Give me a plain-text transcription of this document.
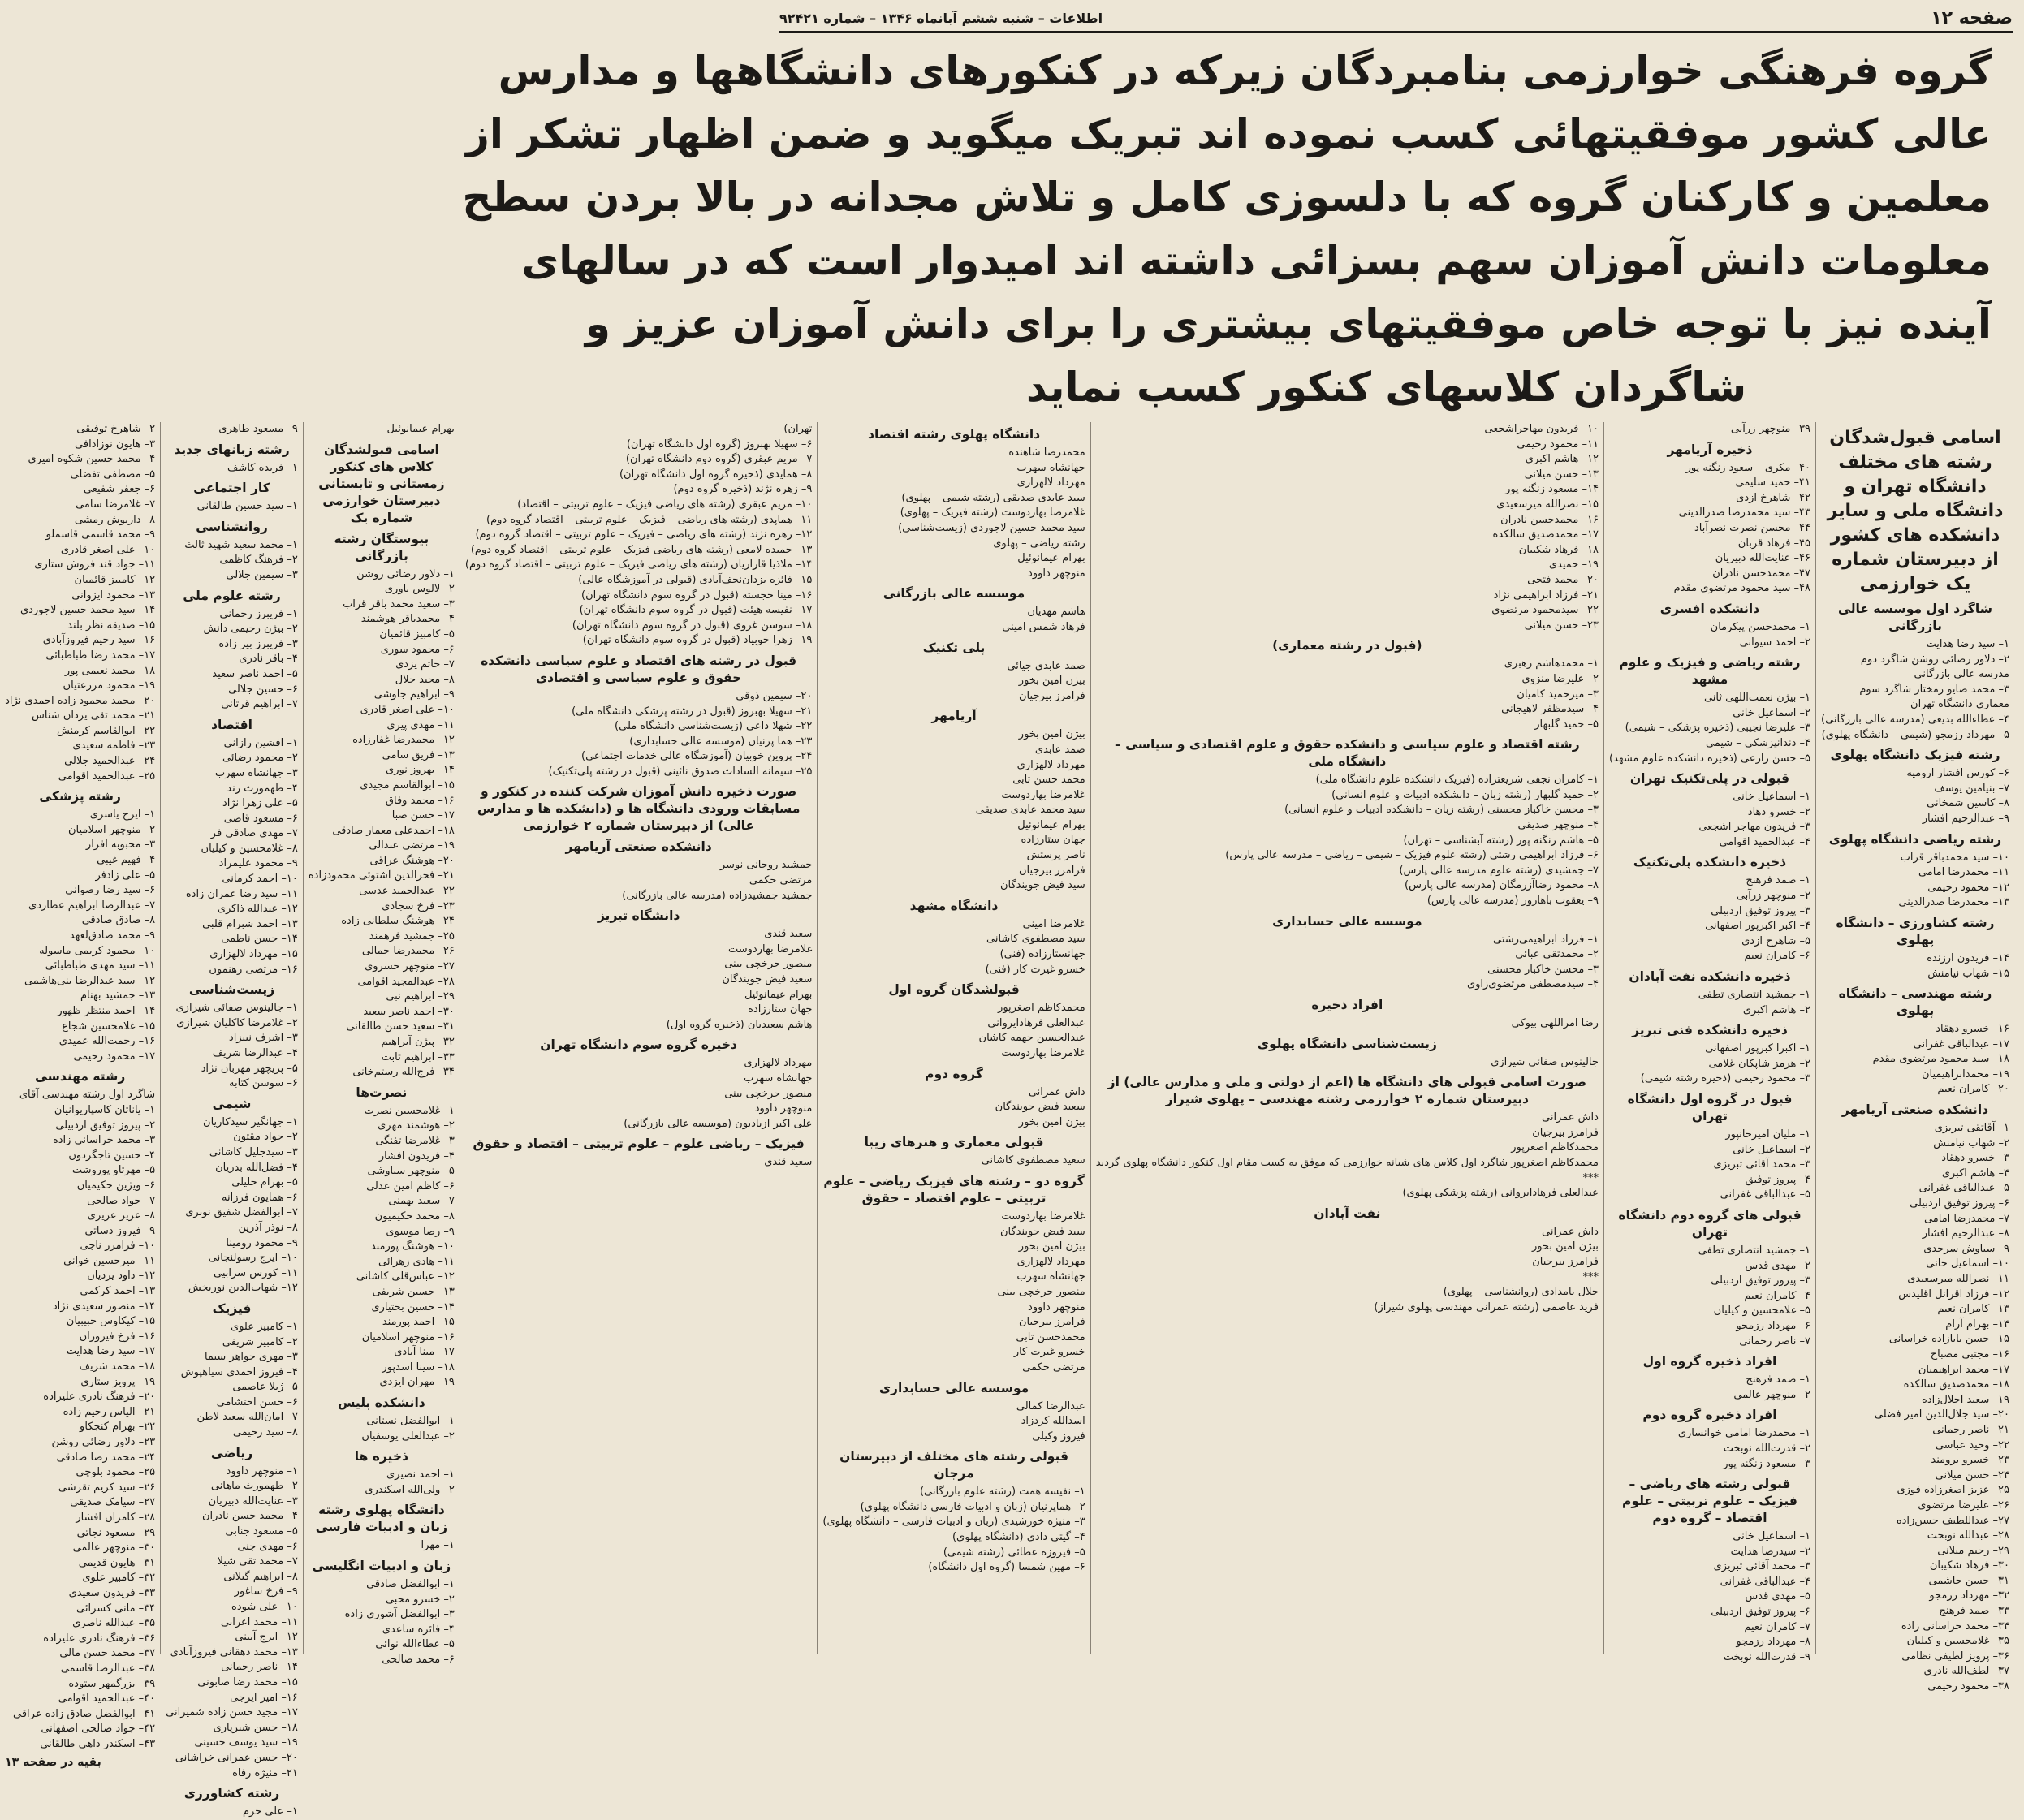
صفحه ۱۲
اطلاعات – شنبه ششم آبانماه ۱۳۴۶ – شماره ۹۲۴۲۱
گروه فرهنگی خوارزمی بنامبردگان زیرکه در کنکورهای دانشگاهها و مدارس
عالی کشور موفقیتهائی کسب نموده اند تبریک میگوید و ضمن اظهار تشکر از
معلمین و کارکنان گروه که با دلسوزی کامل و تلاش مجدانه در بالا بردن سطح
معلومات دانش آموزان سهم بسزائی داشته اند امیدوار است که در سالهای
آینده نیز با توجه خاص موفقیتهای بیشتری را برای دانش آموزان عزیز و
شاگردان کلاسهای کنکور کسب نماید
اسامی قبول‌شدگان رشته های مختلف دانشگاه تهران و دانشگاه ملی و سایر دانشکده های کشور از دبیرستان شماره یک خوارزمی
شاگرد اول موسسه عالی بازرگانی
۱– سید رضا هدایت
۲– دلاور رضائی روشن شاگرد دوم
مدرسه عالی بازرگانی
۳– محمد ضایو رمختار شاگرد سوم
معماری دانشگاه تهران
۴– عطاءالله بدیعی (مدرسه عالی بازرگانی)
۵– مهرداد رزمجو (شیمی – دانشگاه پهلوی)
رشته فیزیک دانشگاه پهلوی
۶– کورس افشار ارومیه
۷– بنیامین یوسف
۸– کاسین شمخانی
۹– عبدالرحیم افشار
رشته ریاضی دانشگاه پهلوی
۱۰– سید محمدباقر قراب
۱۱– محمدرضا امامی
۱۲– محمود رحیمی
۱۳– محمدرضا صدرالدینی
رشته کشاورزی – دانشگاه پهلوی
۱۴– فریدون ارزنده
۱۵– شهاب نیامنش
رشته مهندسی – دانشگاه پهلوی
۱۶– خسرو دهقاد
۱۷– عبدالباقی غفرانی
۱۸– سید محمود مرتضوی مقدم
۱۹– محمدابراهیمیان
۲۰– کامران نعیم
دانشکده صنعتی آریامهر
۱– آقاتقی تبریزی
۲– شهاب نیامنش
۳– خسرو دهقاد
۴– هاشم اکبری
۵– عبدالباقی غفرانی
۶– پیروز توفیق اردبیلی
۷– محمدرضا امامی
۸– عبدالرحیم افشار
۹– سیاوش سرحدی
۱۰– اسماعیل خانی
۱۱– نصرالله میرسعیدی
۱۲– فرزاد اقرانل اقلیدس
۱۳– کامران نعیم
۱۴– بهرام آرام
۱۵– حسن بابازاده خراسانی
۱۶– مجتبی مصباح
۱۷– محمد ابراهیمیان
۱۸– محمدصدیق سالکده
۱۹– سعید اجلال‌زاده
۲۰– سید جلال‌الدین امیر فضلی
۲۱– ناصر رحمانی
۲۲– وحید عباسی
۲۳– خسرو برومند
۲۴– حسن میلانی
۲۵– عزیز اصغرزاده فوزی
۲۶– علیرضا مرتضوی
۲۷– عبداللطیف حسن‌زاده
۲۸– عبدالله نوبخت
۲۹– رحیم میلانی
۳۰– فرهاد شکیبان
۳۱– حسن حاشمی
۳۲– مهرداد رزمجو
۳۳– صمد فرهنج
۳۴– محمد خراسانی زاده
۳۵– غلامحسین و کیلیان
۳۶– پرویز لطیفی نظامی
۳۷– لطف‌الله نادری
۳۸– محمود رحیمی
۳۹– منوچهر زرآبی
ذخیره آریامهر
۴۰– مکری – سعود زنگنه پور
۴۱– حمید سلیمی
۴۲– شاهرخ ازدی
۴۳– سید محمدرضا صدرالدینی
۴۴– محسن نصرت نصرآباد
۴۵– فرهاد قربان
۴۶– عنایت‌الله دبیریان
۴۷– محمدحسن نادران
۴۸– سید محمود مرتضوی مقدم
دانشکده افسری
۱– محمدحسن پیکرمان
۲– احمد سیوانی
رشته ریاضی و فیزیک و علوم مشهد
۱– بیژن نعمت‌اللهی ثانی
۲– اسماعیل خانی
۳– علیرضا نجیبی (ذخیره پزشکی – شیمی)
۴– دندانپزشکی – شیمی
۵– حسن زارعی (ذخیره دانشکده علوم مشهد)
قبولی در پلی‌تکنیک تهران
۱– اسماعیل خانی
۲– خسرو دهاد
۳– فریدون مهاجر اشجعی
۴– عبدالحمید اقوامی
ذخیره دانشکده پلی‌تکنیک
۱– صمد فرهنج
۲– منوچهر زرآبی
۳– پیروز توفیق اردبیلی
۴– اکبر اکبرپور اصفهانی
۵– شاهرخ ازدی
۶– کامران نعیم
ذخیره دانشکده نفت آبادان
۱– جمشید انتصاری تطفی
۲– هاشم اکبری
ذخیره دانشکده فنی تبریز
۱– اکبرا کبرپور اصفهانی
۲– هرمز شاپکان غلامی
۳– محمود رحیمی (ذخیره رشته شیمی)
قبول در گروه اول دانشگاه تهران
۱– ملیان امیرخانپور
۲– اسماعیل خانی
۳– محمد آقائی تبریزی
۴– پیروز توفیق
۵– عبدالباقی غفرانی
قبولی های گروه دوم دانشگاه تهران
۱– جمشید انتصاری تطفی
۲– مهدی قدس
۳– پیروز توفیق اردبیلی
۴– کامران نعیم
۵– غلامحسین و کیلیان
۶– مهرداد رزمجو
۷– ناصر رحمانی
افراد ذخیره گروه اول
۱– صمد فرهنج
۲– منوچهر عالمی
افراد ذخیره گروه دوم
۱– محمدرضا امامی خوانساری
۲– قدرت‌الله نوبخت
۳– مسعود زنگنه پور
قبولی رشته های ریاضی – فیزیک – علوم تربیتی – علوم اقتصاد – گروه دوم
۱– اسماعیل خانی
۲– سیدرضا هدایت
۳– محمد آقائی تبریزی
۴– عبدالباقی غفرانی
۵– مهدی قدس
۶– پیروز توفیق اردبیلی
۷– کامران نعیم
۸– مهرداد رزمجو
۹– قدرت‌الله نوبخت
۱۰– فریدون مهاجراشجعی
۱۱– محمود رحیمی
۱۲– هاشم اکبری
۱۳– حسن میلانی
۱۴– مسعود زنگنه پور
۱۵– نصرالله میرسعیدی
۱۶– محمدحسن نادران
۱۷– محمدصدیق سالکده
۱۸– فرهاد شکیبان
۱۹– حمیدی
۲۰– محمد فتحی
۲۱– فرزاد ابراهیمی نژاد
۲۲– سیدمحمود مرتضوی
۲۳– حسن میلانی
(قبول در رشته معماری)
۱– محمدهاشم رهبری
۲– علیرضا منزوی
۳– میرحمید کامیان
۴– سیدمظفر لاهیجانی
۵– حمید گلبهار
رشته اقتصاد و علوم سیاسی و دانشکده حقوق و علوم اقتصادی و سیاسی – دانشگاه ملی
۱– کامران نجفی شریعتزاده (فیزیک دانشکده علوم دانشگاه ملی)
۲– حمید گلبهار (رشته زبان – دانشکده ادبیات و علوم انسانی)
۳– محسن خاکباز محسنی (رشته زبان – دانشکده ادبیات و علوم انسانی)
۴– منوچهر صدیقی
۵– هاشم زنگنه پور (رشته آبشناسی – تهران)
۶– فرزاد ابراهیمی رشتی (رشته علوم فیزیک – شیمی – ریاضی – مدرسه عالی پارس)
۷– جمشیدی (رشته علوم مدرسه عالی پارس)
۸– محمود رضاآزرمگان (مدرسه عالی پارس)
۹– یعقوب باهارور (مدرسه عالی پارس)
موسسه عالی حسابداری
۱– فرزاد ابراهیمی‌رشتی
۲– محمدتقی عبائی
۳– محسن خاکباز محسنی
۴– سیدمصطفی مرتضوی‌زاوی
افراد ذخیره
رضا امراللهی بیوکی
زیست‌شناسی دانشگاه پهلوی
جالینوس صفائی شیرازی
صورت اسامی قبولی های دانشگاه ها (اعم از دولتی و ملی و مدارس عالی) از دبیرستان شماره ۲ خوارزمی رشته مهندسی – پهلوی شیراز
داش عمرانی
فرامرز بیرجیان
محمدکاظم اصغرپور
محمدکاظم اصغرپور شاگرد اول کلاس های شبانه خوارزمی که موفق به کسب مقام اول کنکور دانشگاه پهلوی گردید
***
عبدالعلی فرهادایروانی (رشته پزشکی پهلوی)
نفت آبادان
داش عمرانی
بیژن امین بخور
فرامرز بیرجیان
***
جلال بامدادی (روانشناسی – پهلوی)
فرید عاصمی (رشته عمرانی مهندسی پهلوی شیراز)
دانشگاه پهلوی رشته اقتصاد
محمدرضا شاهنده
جهانشاه سهرب
مهرداد لالهزاری
سید عابدی صدیقی (رشته شیمی – پهلوی)
غلامرضا بهاردوست (رشته فیزیک – پهلوی)
سید محمد حسین لاجوردی (زیست‌شناسی)
رشته ریاضی – پهلوی
بهرام عیمانوئیل
منوچهر داوود
موسسه عالی بازرگانی
هاشم مهدیان
فرهاد شمس امینی
پلی تکنیک
صمد عابدی جیائی
بیژن امین بخور
فرامرز بیرجیان
آریامهر
بیژن امین بخور
صمد عابدی
مهرداد لالهزاری
محمد حسن تابی
غلامرضا بهاردوست
سید محمد عابدی صدیقی
بهرام عیمانوئیل
جهان ستارزاده
ناصر پرستش
فرامرز بیرجیان
سید فیض جویندگان
دانشگاه مشهد
غلامرضا امینی
سید مصطفوی کاشانی
جهانستارزاده (فنی)
خسرو غیرت کار (فنی)
قبولشدگان گروه اول
محمدکاظم اصغرپور
عبدالعلی فرهادایروانی
عبدالحسین جهمه کاشان
غلامرضا بهاردوست
گروه دوم
داش عمرانی
سعید فیض جویندگان
بیژن امین بخور
قبولی معماری و هنرهای زیبا
سعید مصطفوی کاشانی
گروه دو – رشته های فیزیک ریاضی – علوم تربیتی – علوم اقتصاد – حقوق
غلامرضا بهاردوست
سید فیض جویندگان
بیژن امین بخور
مهرداد لالهزاری
جهانشاه سهرب
منصور جرخچی بینی
منوچهر داوود
فرامرز بیرجیان
محمدحسن تابی
خسرو غیرت کار
مرتضی حکمی
موسسه عالی حسابداری
عبدالرضا کمالی
اسدالله کردزاد
فیروز وکیلی
قبولی رشته های مختلف از دبیرستان مرجان
۱– نفیسه همت (رشته علوم بازرگانی)
۲– هماپرنیان (زبان و ادبیات فارسی دانشگاه پهلوی)
۳– منیژه خورشیدی (زبان و ادبیات فارسی – دانشگاه پهلوی)
۴– گیتی دادی (دانشگاه پهلوی)
۵– فیروزه عطائی (رشته شیمی)
۶– مهین شمسا (گروه اول دانشگاه)
تهران)
۶– سهیلا بهبروز (گروه اول دانشگاه تهران)
۷– مریم عبقری (گروه دوم دانشگاه تهران)
۸– همایدی (ذخیره گروه اول دانشگاه تهران)
۹– زهره نژند (ذخیره گروه دوم)
۱۰– مریم عبقری (رشته های ریاضی فیزیک – علوم تربیتی – اقتصاد)
۱۱– هماپدی (رشته های ریاضی – فیزیک – علوم تربیتی – اقتصاد گروه دوم)
۱۲– زهره نژند (رشته های ریاضی – فیزیک – علوم تربیتی – اقتصاد گروه دوم)
۱۳– حمیده لامعی (رشته های ریاضی فیزیک – علوم تربیتی – اقتصاد گروه دوم)
۱۴– ملاذیا قازاریان (رشته های ریاضی فیزیک – علوم تربیتی – اقتصاد گروه دوم)
۱۵– فائزه یزدان‌نجف‌آبادی (قبولی در آموزشگاه عالی)
۱۶– مینا خجسته (قبول در گروه سوم دانشگاه تهران)
۱۷– نفیسه هیئت (قبول در گروه سوم دانشگاه تهران)
۱۸– سوسن غروی (قبول در گروه سوم دانشگاه تهران)
۱۹– زهرا خوبیاد (قبول در گروه سوم دانشگاه تهران)
قبول در رشته های اقتصاد و علوم سیاسی دانشکده حقوق و علوم سیاسی و اقتصادی
۲۰– سیمین ذوقی
۲۱– سهیلا بهبروز (قبول در رشته پزشکی دانشگاه ملی)
۲۲– شهلا داعی (زیست‌شناسی دانشگاه ملی)
۲۳– هما پرنیان (موسسه عالی حسابداری)
۲۴– پروین خوبیان (آموزشگاه عالی خدمات اجتماعی)
۲۵– سیمانه الساداث صدوق نائینی (قبول در رشته پلی‌تکنیک)
صورت ذخیره دانش آموزان شرکت کننده در کنکور و مسابقات ورودی دانشگاه ها و (دانشکده ها و مدارس عالی) از دبیرستان شماره ۲ خوارزمی
دانشکده صنعتی آریامهر
جمشید روحانی نوسر
مرتضی حکمی
جمشید جمشیدزاده (مدرسه عالی بازرگانی)
دانشگاه تبریز
سعید قندی
غلامرضا بهاردوست
منصور جرخچی بینی
سعید فیض جویندگان
بهرام عیمانوئیل
جهان ستارزاده
هاشم سعیدیان (ذخیره گروه اول)
ذخیره گروه سوم دانشگاه تهران
مهرداد لالهزاری
جهانشاه سهرب
منصور جرخچی بینی
منوچهر داوود
علی اکبر ازبادیون (موسسه عالی بازرگانی)
فیزیک – ریاضی علوم – علوم تربیتی – اقتصاد و حقوق
سعید قندی
بهرام عیمانوئیل
اسامی قبولشدگان کلاس های کنکور زمستانی و تابستانی دبیرستان خوارزمی شماره یک
بیوستگان رشته بازرگانی
۱– دلاور رضائی روشن
۲– لالوس یاوری
۳– سعید محمد باقر قراب
۴– محمدباقر هوشمند
۵– کامبیز قائمیان
۶– محمود سوری
۷– حاتم یزدی
۸– مجید جلال
۹– ابراهیم جاوشی
۱۰– علی اصغر قادری
۱۱– مهدی پیری
۱۲– محمدرضا غفارزاده
۱۳– فریق سامی
۱۴– بهروز نوری
۱۵– ابوالقاسم مجیدی
۱۶– محمد وفاق
۱۷– حسن صبا
۱۸– احمدعلی معمار صادقی
۱۹– مرتضی عبدالی
۲۰– هوشنگ عراقی
۲۱– فخرالدین آشتوئی محمودزاده
۲۲– عبدالحمید عدسی
۲۳– فرخ سجادی
۲۴– هوشنگ سلطانی زاده
۲۵– جمشید فرهمند
۲۶– محمدرضا جمالی
۲۷– منوچهر خسروی
۲۸– عبدالمجید اقوامی
۲۹– ابراهیم نبی
۳۰– احمد ناصر سعید
۳۱– سعید حسن طالقانی
۳۲– پیژن آبراهیم
۳۳– ابراهیم ثابت
۳۴– فرج‌الله رستم‌خانی
نصرت‌ها
۱– غلامحسین نصرت
۲– هوشمند مهری
۳– غلامرضا تفنگی
۴– فریدون افشار
۵– منوچهر سیاوشی
۶– کاظم امین عدلی
۷– سعید بهمنی
۸– محمد حکیمیون
۹– رضا موسوی
۱۰– هوشنگ پورمند
۱۱– هادی زهرائی
۱۲– عباس‌قلی کاشانی
۱۳– حسین شریفی
۱۴– حسین بختیاری
۱۵– احمد پورمند
۱۶– منوچهر اسلامیان
۱۷– مینا آبادی
۱۸– سینا اسدپور
۱۹– مهران ایزدی
دانشکده پلیس
۱– ابوالفضل نستانی
۲– عبدالعلی یوسفیان
ذخیره ها
۱– احمد نصیری
۲– ولی‌الله اسکندری
دانشگاه پهلوی رشته زبان و ادبیات فارسی
۱– مهرا
زبان و ادبیات انگلیسی
۱– ابوالفضل صادقی
۲– خسرو محبی
۳– ابوالفضل آشوری زاده
۴– فائزه ساعدی
۵– عطاءالله نوائی
۶– محمد صالحی
۹– مسعود طاهری
رشته زبانهای جدید
۱– فریده کاشف
کار اجتماعی
۱– سید حسین طالقانی
روانشناسی
۱– محمد سعید شهید ثالث
۲– فرهنگ کاظمی
۳– سیمین جلالی
رشته علوم ملی
۱– فریبرز رحمانی
۲– بیژن رحیمی دانش
۳– فریبرز بیر زاده
۴– باقر نادری
۵– احمد ناصر سعید
۶– حسین جلالی
۷– ابراهیم قرتانی
اقتصاد
۱– افشین رازانی
۲– محمود رضائی
۳– جهانشاه سهرب
۴– طهمورث زند
۵– علی زهرا نژاد
۶– مسعود قاضی
۷– مهدی صادقی فر
۸– غلامحسین و کیلیان
۹– محمود علیمراد
۱۰– احمد کرمانی
۱۱– سید رضا عمران زاده
۱۲– عبدالله ذاکری
۱۳– احمد شبرام قلبی
۱۴– حسن ناظمی
۱۵– مهرداد لالهزاری
۱۶– مرتضی رهنمون
زیست‌شناسی
۱– جالینوس صفائی شیرازی
۲– غلامرضا کاکلیان شیرازی
۳– اشرف نبیزاد
۴– عبدالرضا شریف
۵– پریچهر مهربان نژاد
۶– سوسن کتابه
شیمی
۱– جهانگیر سیدکاریان
۲– جواد مقتون
۳– سیدجلیل کاشانی
۴– فضل‌الله بدریان
۵– بهرام خلیلی
۶– همایون فرزانه
۷– ابوالفضل شفیق نوبری
۸– نوذر آذرین
۹– محمود رومینا
۱۰– ایرج رسولنجانی
۱۱– کورس سرابیی
۱۲– شهاب‌الدین نوربخش
فیزیک
۱– کامبیز علوی
۲– کامبیز شریفی
۳– مهری جواهر سیما
۴– فیروز احمدی سیاهپوش
۵– ژیلا عاصمی
۶– حسن احتشامی
۷– امان‌الله سعید لاطن
۸– سید رحیمی
ریاضی
۱– منوچهر داوود
۲– طهمورث ماهانی
۳– عنایت‌الله دبیریان
۴– محمد حسن نادران
۵– مسعود جنابی
۶– مهدی جنی
۷– محمد تقی شیلا
۸– ابراهیم گیلانی
۹– فرخ ساغور
۱۰– علی شوده
۱۱– محمد اعرابی
۱۲– ایرج آبینی
۱۳– محمد دهقانی فیروزآبادی
۱۴– ناصر رحمانی
۱۵– محمد رضا صابونی
۱۶– امیر ایرجی
۱۷– مجید حسن زاده شمیرانی
۱۸– حسن شیرپاری
۱۹– سید یوسف حسینی
۲۰– حسن عمرانی خراشانی
۲۱– منیژه رفاه
رشته کشاورزی
۱– علی خرم
۲– شاهرخ توفیقی
۳– هایون نوزادافی
۴– محمد حسین شکوه امیری
۵– مصطفی تفضلی
۶– جعفر شفیعی
۷– غلامرضا سامی
۸– داریوش رمشی
۹– محمد قاسمی قاسملو
۱۰– علی اصغر قادری
۱۱– جواد قند فروش ستاری
۱۲– کامبیز قائمیان
۱۳– محمود ایزوانی
۱۴– سید محمد حسین لاجوردی
۱۵– صدیقه نظر بلند
۱۶– سید رحیم فیروزآبادی
۱۷– محمد رضا طباطبائی
۱۸– محمد نعیمی پور
۱۹– محمود مزرعتیان
۲۰– محمد محمود زاده احمدی نژاد
۲۱– محمد تقی یزدان شناس
۲۲– ابوالقاسم کرمنش
۲۳– فاطمه سعیدی
۲۴– عبدالحمید جلالی
۲۵– عبدالحمید اقوامی
رشته پزشکی
۱– ایرج یاسری
۲– منوچهر اسلامیان
۳– محبوبه افراز
۴– فهیم غیبی
۵– علی زادفر
۶– سید رضا رضوانی
۷– عبدالرضا ابراهیم عطاردی
۸– صادق صادقی
۹– محمد صادق‌لعهد
۱۰– محمود کریمی ماسوله
۱۱– سید مهدی طباطبائی
۱۲– سید عبدالرضا بنی‌هاشمی
۱۳– جمشید بهنام
۱۴– احمد منتظر ظهور
۱۵– غلامحسین شجاع
۱۶– رحمت‌الله عمیدی
۱۷– محمود رحیمی
رشته مهندسی
شاگرد اول رشته مهندسی آقای
۱– یاناتان کاسپاریوانیان
۲– پیروز توفیق اردبیلی
۳– محمد خراسانی زاده
۴– حسین تاجگردون
۵– مهرتاو پوروشت
۶– ویژین حکیمیان
۷– جواد صالحی
۸– عزیز عزیزی
۹– فیروز دساتی
۱۰– فرامرز ناجی
۱۱– میرحسین خوانی
۱۲– داود یزدیان
۱۳– احمد کرکمی
۱۴– منصور سعیدی نژاد
۱۵– کیکاوس حبیبیان
۱۶– فرخ فیروزان
۱۷– سید رضا هدایت
۱۸– محمد شریف
۱۹– پرویز ستاری
۲۰– فرهنگ نادری علیزاده
۲۱– الیاس رحیم زاده
۲۲– بهرام کنجکاو
۲۳– دلاور رضائی روشن
۲۴– محمد رضا صادقی
۲۵– محمود بلوچی
۲۶– سید کریم تقرشی
۲۷– سیامک صدیقی
۲۸– کامران افشار
۲۹– مسعود نجاتی
۳۰– منوچهر عالمی
۳۱– هایون قدیمی
۳۲– کامبیز علوی
۳۳– فریدون سعیدی
۳۴– مانی کسرائی
۳۵– عبدالله ناصری
۳۶– فرهنگ نادری علیزاده
۳۷– محمد حسن مالی
۳۸– عبدالرضا قاسمی
۳۹– بزرگمهر ستوده
۴۰– عبدالحمید اقوامی
۴۱– ابوالفضل صادق زاده عراقی
۴۲– جواد صالحی اصفهانی
۴۳– اسکندر داهی طالقانی
بقیه در صفحه ۱۳
